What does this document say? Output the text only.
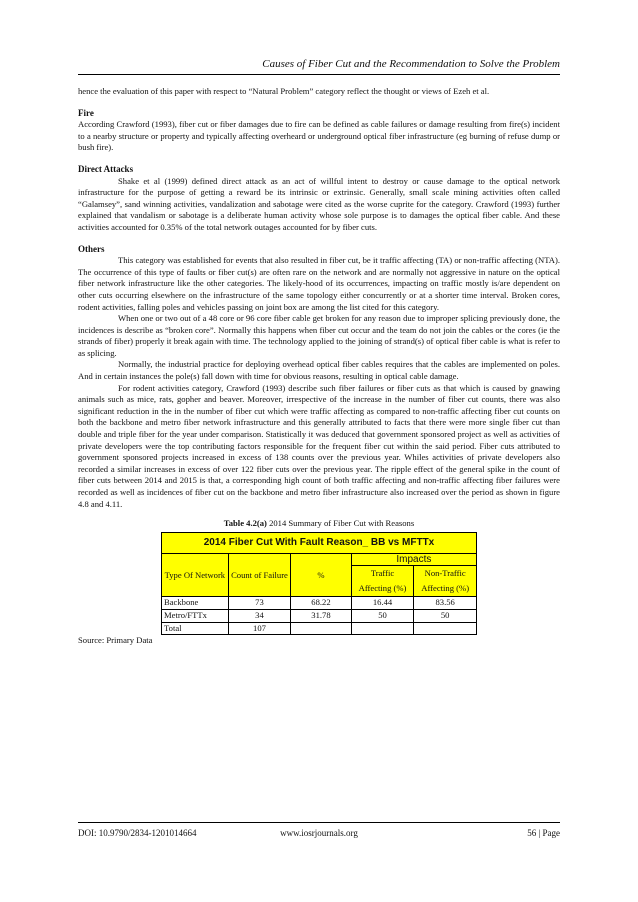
Causes of Fiber Cut and the Recommendation to Solve the Problem

hence the evaluation of this paper with respect to “Natural Problem” category reflect the thought or views of Ezeh et al.

Fire

According Crawford (1993), fiber cut or fiber damages due to fire can be defined as cable failures or damage resulting from fire(s) incident to a nearby structure or property and typically affecting overheard or underground optical fiber infrastructure (eg burning of refuse dump or bush fire).

Direct Attacks

Shake et al (1999) defined direct attack as an act of willful intent to destroy or cause damage to the optical network infrastructure for the purpose of getting a reward be its intrinsic or extrinsic. Generally, small scale mining activities often called “Galamsey”, sand winning activities, vandalization and sabotage were cited as the worse cuprite for the category. Crawford (1993) further explained that vandalism or sabotage is a deliberate human activity whose sole purpose is to damages the optical fiber cable. And these activities accounted for 0.35% of the total network outages accounted for by fiber cuts.

Others

This category was established for events that also resulted in fiber cut, be it traffic affecting (TA) or non-traffic affecting (NTA). The occurrence of this type of faults or fiber cut(s) are often rare on the network and are normally not aggressive in nature on the optical fiber network infrastructure like the other categories. The likely-hood of its occurrences, impacting on traffic mostly is/are dependent on other cuts occurring elsewhere on the infrastructure of the same topology either concurrently or at a shorter time interval. Broken cores, rodent activities, falling poles and vehicles passing on joint box are among the list cited for this category.

When one or two out of a 48 core or 96 core fiber cable get broken for any reason due to improper splicing previously done, the incidences is describe as “broken core”. Normally this happens when fiber cut occur and the team do not join the cables or the cores (ie the strands of fiber) properly it break again with time. The technology applied to the joining of strand(s) of optical fiber cable is what is refer to as splicing.

Normally, the industrial practice for deploying overhead optical fiber cables requires that the cables are implemented on poles. And in certain instances the pole(s) fall down with time for obvious reasons, resulting in optical cable damage.

For rodent activities category, Crawford (1993) describe such fiber failures or fiber cuts as that which is caused by gnawing animals such as mice, rats, gopher and beaver. Moreover, irrespective of the increase in the number of fiber cut counts, there was also significant reduction in the in the number of fiber cut which were traffic affecting as compared to non-traffic affecting fiber cut counts on both the backbone and metro fiber network infrastructure and this generally attributed to facts that there were more single fiber cut than double and triple fiber for the year under comparison. Statistically it was deduced that government sponsored project as well as activities of private developers were the top contributing factors responsible for the frequent fiber cut within the said period. Fiber cuts attributed to government sponsored projects increased in excess of 138 counts over the previous year. Whiles activities of private developers also recorded a similar increases in excess of over 122 fiber cuts over the previous year. The ripple effect of the general spike in the count of fiber cuts between 2014 and 2015 is that, a corresponding high count of both traffic affecting and non-traffic affecting fiber failures were recorded as well as incidences of fiber cut on the backbone and metro fiber infrastructure also increased over the period as shown in figure 4.8 and 4.11.

Table 4.2(a) 2014 Summary of Fiber Cut with Reasons
2014 Fiber Cut With Fault Reason_ BB vs MFTTx				
Type Of Network	Count of Failure	%	Impacts	
			Traffic Affecting (%)	Non-Traffic Affecting (%)
Backbone	73	68.22	16.44	83.56
Metro/FTTx	34	31.78	50	50
Total	107			

Source: Primary Data

DOI: 10.9790/2834-1201014664	www.iosrjournals.org	56 | Page
